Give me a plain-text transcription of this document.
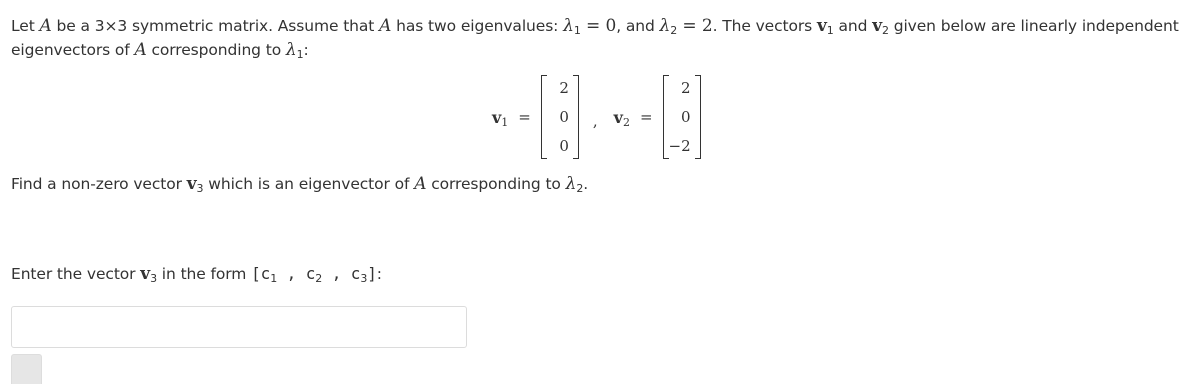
Let A be a 3×3 symmetric matrix. Assume that A has two eigenvalues: $\lambda_1 = 0$, and $\lambda_2 = 2$. The vectors $v_1$ and $v_2$ given below are linearly independent
eigenvectors of A corresponding to $\lambda_1$:
$v_1$ =
2
0
0
, $v_2$ =
2
0
−2
Find a non-zero vector $v_3$ which is an eigenvector of A corresponding to $\lambda_2$.
Enter the vector $v_3$ in the form [$c_1$ , $c_2$ , $c_3$]:
